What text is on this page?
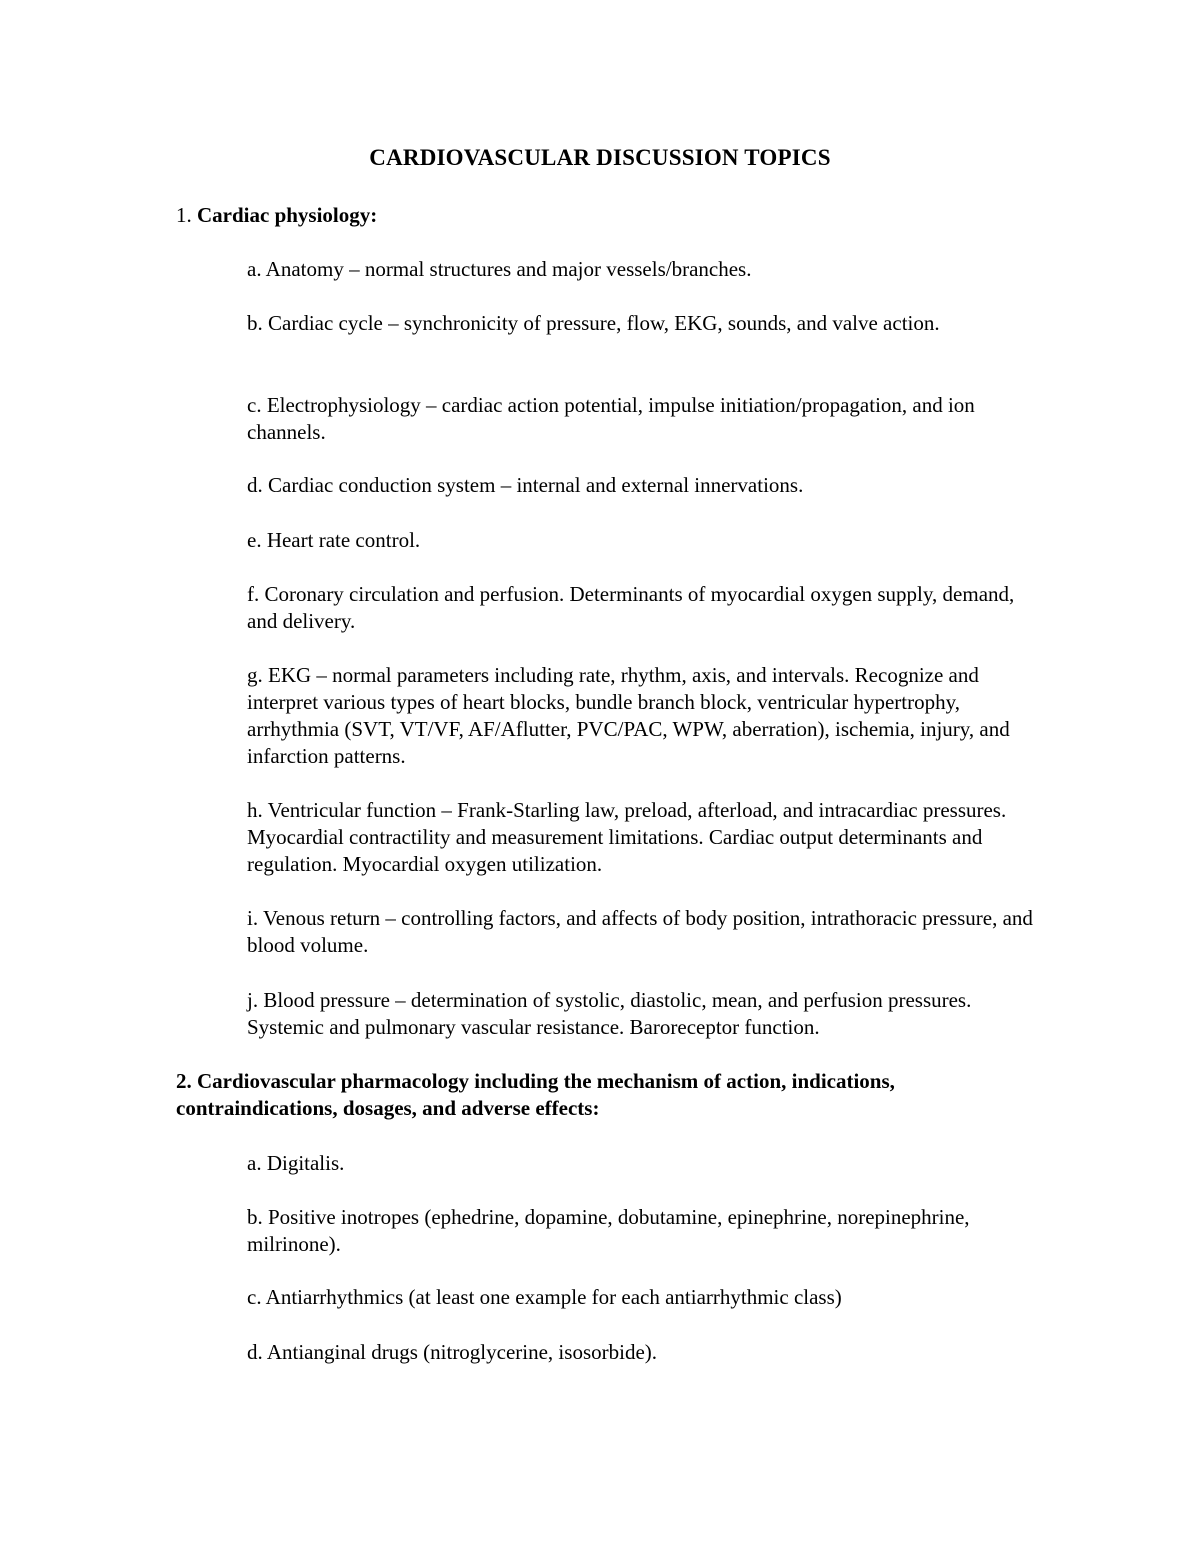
CARDIOVASCULAR DISCUSSION TOPICS
1. Cardiac physiology:
a. Anatomy – normal structures and major vessels/branches.
b. Cardiac cycle – synchronicity of pressure, flow, EKG, sounds, and valve action.
c. Electrophysiology – cardiac action potential, impulse initiation/propagation, and ion channels.
d. Cardiac conduction system – internal and external innervations.
e. Heart rate control.
f. Coronary circulation and perfusion. Determinants of myocardial oxygen supply, demand, and delivery.
g. EKG – normal parameters including rate, rhythm, axis, and intervals. Recognize and interpret various types of heart blocks, bundle branch block, ventricular hypertrophy, arrhythmia (SVT, VT/VF, AF/Aflutter, PVC/PAC, WPW, aberration), ischemia, injury, and infarction patterns.
h. Ventricular function – Frank-Starling law, preload, afterload, and intracardiac pressures. Myocardial contractility and measurement limitations. Cardiac output determinants and regulation. Myocardial oxygen utilization.
i. Venous return – controlling factors, and affects of body position, intrathoracic pressure, and blood volume.
j. Blood pressure – determination of systolic, diastolic, mean, and perfusion pressures. Systemic and pulmonary vascular resistance. Baroreceptor function.
2. Cardiovascular pharmacology including the mechanism of action, indications, contraindications, dosages, and adverse effects:
a. Digitalis.
b. Positive inotropes (ephedrine, dopamine, dobutamine, epinephrine, norepinephrine, milrinone).
c. Antiarrhythmics (at least one example for each antiarrhythmic class)
d. Antianginal drugs (nitroglycerine, isosorbide).
